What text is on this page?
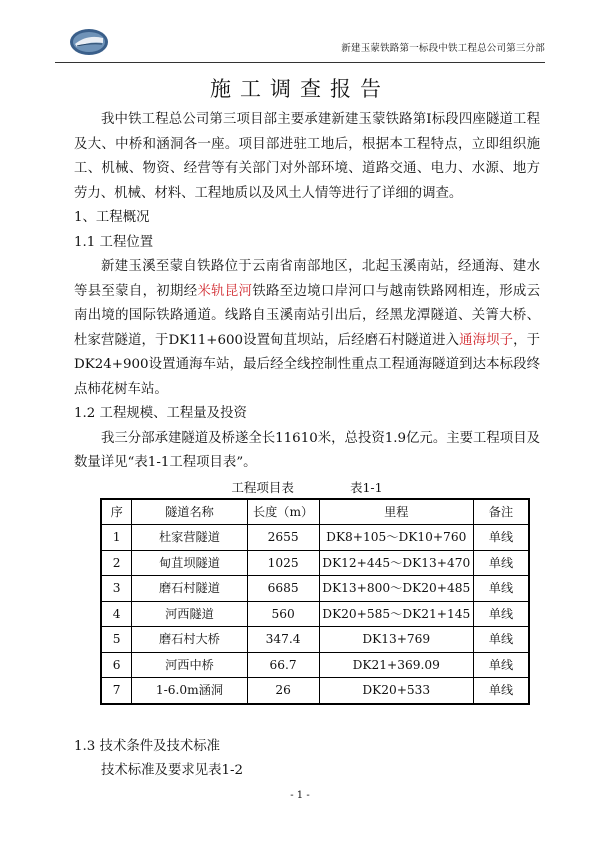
新建玉蒙铁路第一标段中铁工程总公司第三分部
施工调查报告

我中铁工程总公司第三项目部主要承建新建玉蒙铁路第Ⅰ标段四座隧道工程及大、中桥和涵洞各一座。项目部进驻工地后，根据本工程特点，立即组织施工、机械、物资、经营等有关部门对外部环境、道路交通、电力、水源、地方劳力、机械、材料、工程地质以及风土人情等进行了详细的调查。

1、工程概况

1.1 工程位置

新建玉溪至蒙自铁路位于云南省南部地区，北起玉溪南站，经通海、建水等县至蒙自，初期经米轨昆河铁路至边境口岸河口与越南铁路网相连，形成云南出境的国际铁路通道。线路自玉溪南站引出后，经黑龙潭隧道、关箐大桥、杜家营隧道，于DK11+600设置甸苴坝站，后经磨石村隧道进入通海坝子，于DK24+900设置通海车站，最后经全线控制性重点工程通海隧道到达本标段终点柿花树车站。

1.2 工程规模、工程量及投资

我三分部承建隧道及桥遂全长11610米，总投资1.9亿元。主要工程项目及数量详见“表1-1工程项目表”。

工程项目表	表1-1
序	隧道名称	长度（m）	里程	备注
1	杜家营隧道	2655	DK8+105～DK10+760	单线
2	甸苴坝隧道	1025	DK12+445～DK13+470	单线
3	磨石村隧道	6685	DK13+800～DK20+485	单线
4	河西隧道	560	DK20+585～DK21+145	单线
5	磨石村大桥	347.4	DK13+769	单线
6	河西中桥	66.7	DK21+369.09	单线
7	1-6.0m涵洞	26	DK20+533	单线

1.3 技术条件及技术标准

技术标准及要求见表1-2

- 1 -
